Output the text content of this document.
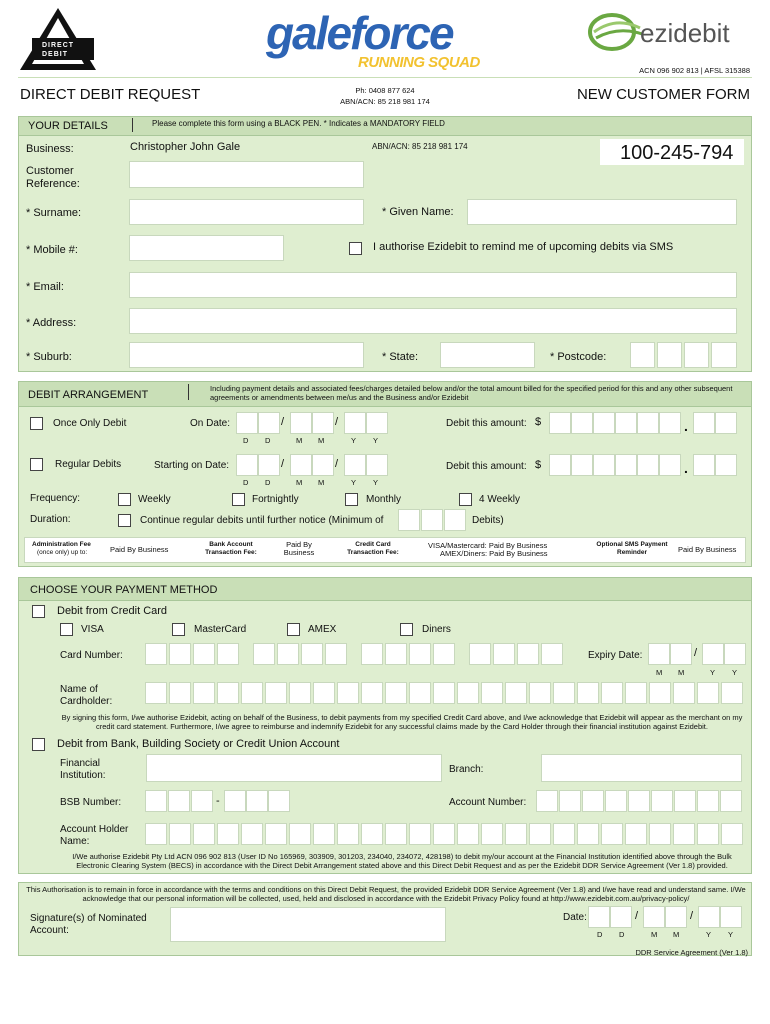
DIRECT DEBIT	galeforce
RUNNING SQUAD
ezidebit
ACN 096 902 813 | AFSL 315388
DIRECT DEBIT REQUEST	Ph: 0408 877 624
ABN/ACN: 85 218 981 174	NEW CUSTOMER FORM
YOUR DETAILS	Please complete this form using a BLACK PEN. * Indicates a MANDATORY FIELD
Business:	Christopher John Gale	ABN/ACN: 85 218 981 174	100-245-794
Customer Reference:
* Surname:	* Given Name:
* Mobile #:	I authorise Ezidebit to remind me of upcoming debits via SMS
* Email:
* Address:
* Suburb:	* State:	* Postcode:
DEBIT ARRANGEMENT
Including payment details and associated fees/charges detailed below and/or the total amount billed for the specified period for this and any other subsequent agreements or amendments between me/us and the Business and/or Ezidebit
Once Only Debit	On Date:	/	/
D D	M M	Y Y
Debit this amount: $	.
Regular Debits	Starting on Date:	/	/
D D	M M	Y Y
Debit this amount: $	.
Frequency:	Weekly	Fortnightly	Monthly	4 Weekly
Duration:	Continue regular debits until further notice (Minimum of	Debits)
Administration Fee
(once only) up to:	Paid By Business
Bank Account Transaction Fee:
Paid By Business
Credit Card Transaction Fee:
VISA/Mastercard: Paid By Business
AMEX/Diners: Paid By Business
Optional SMS Payment Reminder	Paid By Business
CHOOSE YOUR PAYMENT METHOD
Debit from Credit Card
VISA	MasterCard	AMEX	Diners
Card Number:	Expiry Date:	/
M M	Y Y
Name of Cardholder:
By signing this form, I/we authorise Ezidebit, acting on behalf of the Business, to debit payments from my specified Credit Card above, and I/we acknowledge that Ezidebit will appear as the merchant on my credit card statement. Furthermore, I/we agree to reimburse and indemnify Ezidebit for any successful claims made by the Card Holder through their financial institution against Ezidebit.
Debit from Bank, Building Society or Credit Union Account
Financial Institution:
Branch:
BSB Number:	-	Account Number:
Account Holder Name:
I/We authorise Ezidebit Pty Ltd ACN 096 902 813 (User ID No 165969, 303909, 301203, 234040, 234072, 428198) to debit my/our account at the Financial Institution identified above through the Bulk Electronic Clearing System (BECS) in accordance with the Direct Debit Arrangement stated above and this Direct Debit Request and as per the Ezidebit DDR Service Agreement (Ver 1.8) provided.
This Authorisation is to remain in force in accordance with the terms and conditions on this Direct Debit Request, the provided Ezidebit DDR Service Agreement (Ver 1.8) and I/we have read and understand same. I/We acknowledge that our personal information will be collected, used, held and disclosed in accordance with the Ezidebit Privacy Policy found at http://www.ezidebit.com.au/privacy-policy/
Signature(s) of Nominated Account:
Date:	/	/
D D	M M	Y Y
DDR Service Agreement (Ver 1.8)
